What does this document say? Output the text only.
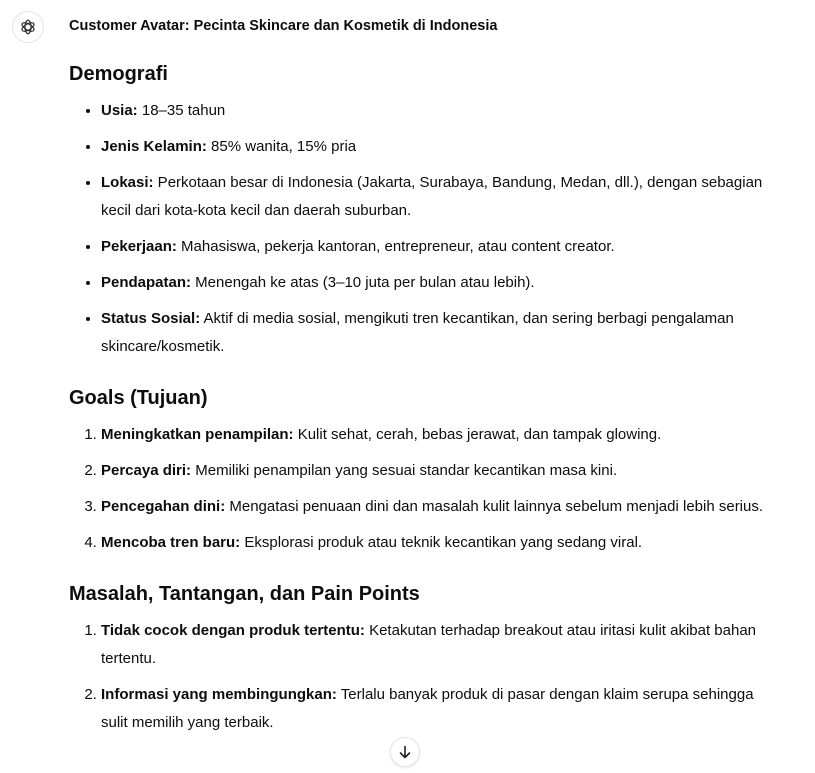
Customer Avatar: Pecinta Skincare dan Kosmetik di Indonesia
Demografi
• Usia: 18–35 tahun
• Jenis Kelamin: 85% wanita, 15% pria
• Lokasi: Perkotaan besar di Indonesia (Jakarta, Surabaya, Bandung, Medan, dll.), dengan sebagian kecil dari kota-kota kecil dan daerah suburban.
• Pekerjaan: Mahasiswa, pekerja kantoran, entrepreneur, atau content creator.
• Pendapatan: Menengah ke atas (3–10 juta per bulan atau lebih).
• Status Sosial: Aktif di media sosial, mengikuti tren kecantikan, dan sering berbagi pengalaman skincare/kosmetik.
Goals (Tujuan)
1. Meningkatkan penampilan: Kulit sehat, cerah, bebas jerawat, dan tampak glowing.
2. Percaya diri: Memiliki penampilan yang sesuai standar kecantikan masa kini.
3. Pencegahan dini: Mengatasi penuaan dini dan masalah kulit lainnya sebelum menjadi lebih serius.
4. Mencoba tren baru: Eksplorasi produk atau teknik kecantikan yang sedang viral.
Masalah, Tantangan, dan Pain Points
1. Tidak cocok dengan produk tertentu: Ketakutan terhadap breakout atau iritasi kulit akibat bahan tertentu.
2. Informasi yang membingungkan: Terlalu banyak produk di pasar dengan klaim serupa sehingga sulit memilih yang terbaik.
